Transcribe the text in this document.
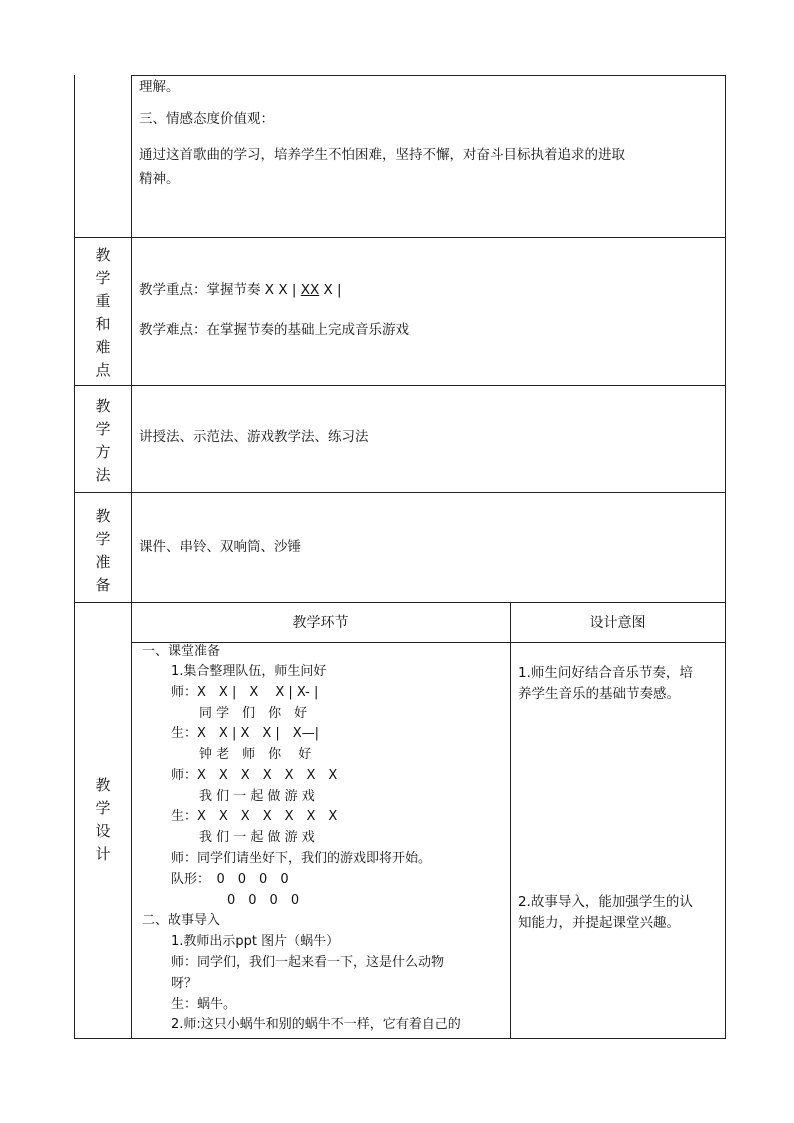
理解。
三、情感态度价值观：
通过这首歌曲的学习，培养学生不怕困难，坚持不懈，对奋斗目标执着追求的进取
精神。
教
学
重
和
难
点
教学重点：掌握节奏 X X | XX X |
教学难点：在掌握节奏的基础上完成音乐游戏
教
学
方
法
讲授法、示范法、游戏教学法、练习法
教
学
准
备
课件、串铃、双响筒、沙锤
教
学
设
计
教学环节	设计意图
一、课堂准备
1.集合整理队伍，师生问好
师：X　X |　X　 X | X- |
同 学　们　你　好
生：X　X | X　X |　X—|
钟 老　师　你　 好
师：X　X　X　X　X　X　X
我 们 一 起 做 游 戏
生：X　X　X　X　X　X　X
我 们 一 起 做 游 戏
师：同学们请坐好下，我们的游戏即将开始。
队形：　0　0　0　0
0　0　0　0
二、故事导入
1.教师出示ppt 图片（蜗牛）
师：同学们，我们一起来看一下，这是什么动物
呀？
生：蜗牛。
2.师:这只小蜗牛和别的蜗牛不一样，它有着自己的
1.师生问好结合音乐节奏，培
养学生音乐的基础节奏感。
2.故事导入，能加强学生的认
知能力，并提起课堂兴趣。
